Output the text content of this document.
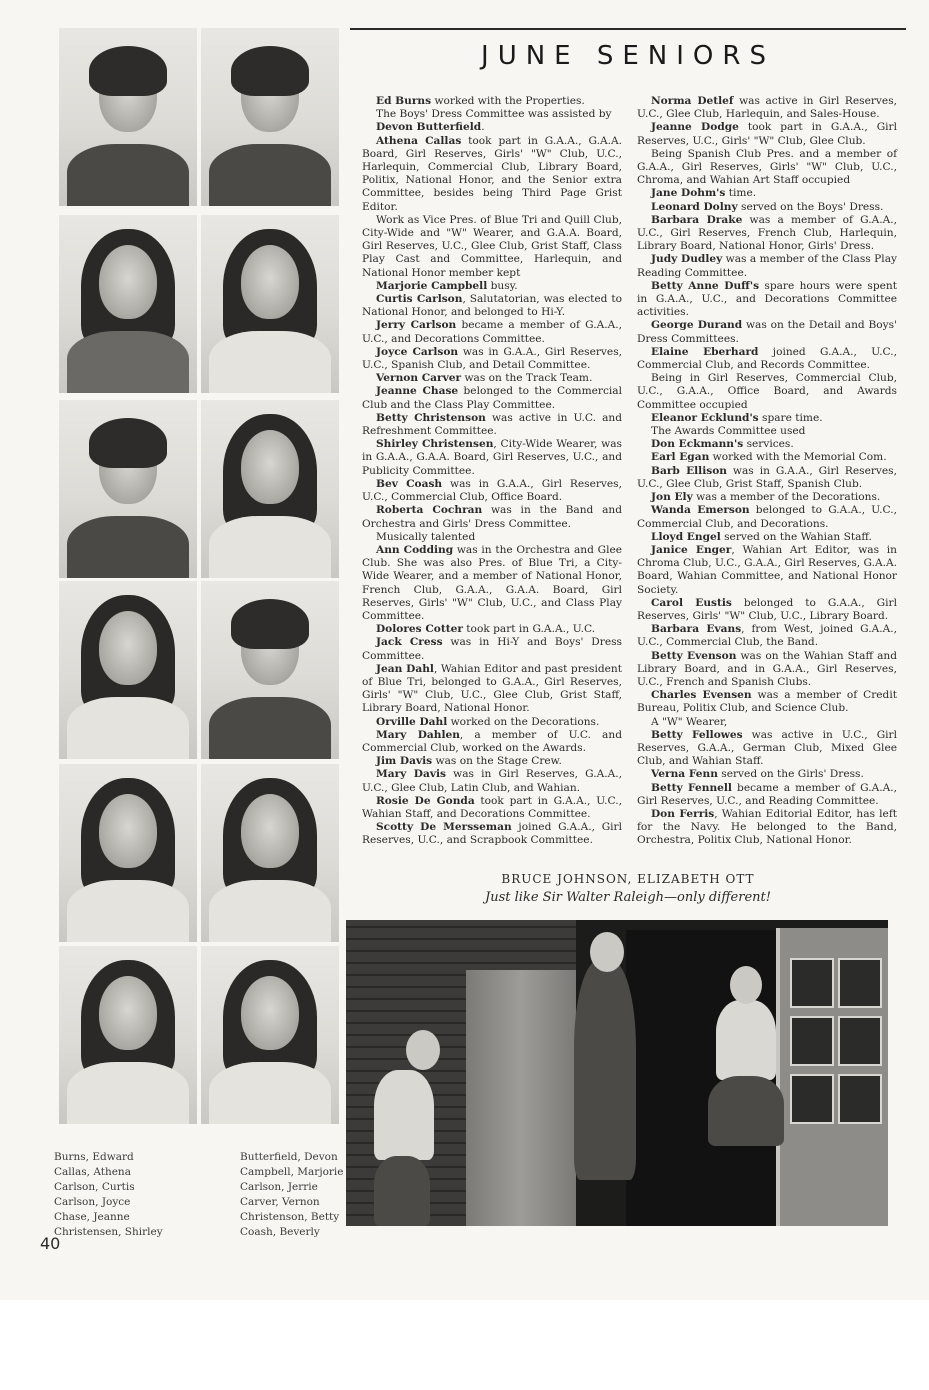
Burns, Edward
Callas, Athena
Carlson, Curtis
Carlson, Joyce
Chase, Jeanne
Christensen, Shirley
Butterfield, Devon
Campbell, Marjorie
Carlson, Jerrie
Carver, Vernon
Christenson, Betty
Coash, Beverly
40
JUNE SENIORS

Ed Burns worked with the Properties.

The Boys' Dress Committee was assisted by

Devon Butterfield.

Athena Callas took part in G.A.A., G.A.A. Board, Girl Reserves, Girls' "W" Club, U.C., Harlequin, Commercial Club, Library Board, Politix, National Honor, and the Senior extra Committee, besides being Third Page Grist Editor.

Work as Vice Pres. of Blue Tri and Quill Club, City-Wide and "W" Wearer, and G.A.A. Board, Girl Reserves, U.C., Glee Club, Grist Staff, Class Play Cast and Committee, Harlequin, and National Honor member kept

Marjorie Campbell busy.

Curtis Carlson, Salutatorian, was elected to National Honor, and belonged to Hi-Y.

Jerry Carlson became a member of G.A.A., U.C., and Decorations Committee.

Joyce Carlson was in G.A.A., Girl Reserves, U.C., Spanish Club, and Detail Committee.

Vernon Carver was on the Track Team.

Jeanne Chase belonged to the Commercial Club and the Class Play Committee.

Betty Christenson was active in U.C. and Refreshment Committee.

Shirley Christensen, City-Wide Wearer, was in G.A.A., G.A.A. Board, Girl Reserves, U.C., and Publicity Committee.

Bev Coash was in G.A.A., Girl Reserves, U.C., Commercial Club, Office Board.

Roberta Cochran was in the Band and Orchestra and Girls' Dress Committee.

Musically talented

Ann Codding was in the Orchestra and Glee Club. She was also Pres. of Blue Tri, a City-Wide Wearer, and a member of National Honor, French Club, G.A.A., G.A.A. Board, Girl Reserves, Girls' "W" Club, U.C., and Class Play Committee.

Dolores Cotter took part in G.A.A., U.C.

Jack Cress was in Hi-Y and Boys' Dress Committee.

Jean Dahl, Wahian Editor and past president of Blue Tri, belonged to G.A.A., Girl Reserves, Girls' "W" Club, U.C., Glee Club, Grist Staff, Library Board, National Honor.

Orville Dahl worked on the Decorations.

Mary Dahlen, a member of U.C. and Commercial Club, worked on the Awards.

Jim Davis was on the Stage Crew.

Mary Davis was in Girl Reserves, G.A.A., U.C., Glee Club, Latin Club, and Wahian.

Rosie De Gonda took part in G.A.A., U.C., Wahian Staff, and Decorations Committee.

Scotty De Mersseman joined G.A.A., Girl Reserves, U.C., and Scrapbook Committee.

Norma Detlef was active in Girl Reserves, U.C., Glee Club, Harlequin, and Sales-House.

Jeanne Dodge took part in G.A.A., Girl Reserves, U.C., Girls' "W" Club, Glee Club.

Being Spanish Club Pres. and a member of G.A.A., Girl Reserves, Girls' "W" Club, U.C., Chroma, and Wahian Art Staff occupied

Jane Dohm's time.

Leonard Dolny served on the Boys' Dress.

Barbara Drake was a member of G.A.A., U.C., Girl Reserves, French Club, Harlequin, Library Board, National Honor, Girls' Dress.

Judy Dudley was a member of the Class Play Reading Committee.

Betty Anne Duff's spare hours were spent in G.A.A., U.C., and Decorations Committee activities.

George Durand was on the Detail and Boys' Dress Committees.

Elaine Eberhard joined G.A.A., U.C., Commercial Club, and Records Committee.

Being in Girl Reserves, Commercial Club, U.C., G.A.A., Office Board, and Awards Committee occupied

Eleanor Ecklund's spare time.

The Awards Committee used

Don Eckmann's services.

Earl Egan worked with the Memorial Com.

Barb Ellison was in G.A.A., Girl Reserves, U.C., Glee Club, Grist Staff, Spanish Club.

Jon Ely was a member of the Decorations.

Wanda Emerson belonged to G.A.A., U.C., Commercial Club, and Decorations.

Lloyd Engel served on the Wahian Staff.

Janice Enger, Wahian Art Editor, was in Chroma Club, U.C., G.A.A., Girl Reserves, G.A.A. Board, Wahian Committee, and National Honor Society.

Carol Eustis belonged to G.A.A., Girl Reserves, Girls' "W" Club, U.C., Library Board.

Barbara Evans, from West, joined G.A.A., U.C., Commercial Club, the Band.

Betty Evenson was on the Wahian Staff and Library Board, and in G.A.A., Girl Reserves, U.C., French and Spanish Clubs.

Charles Evensen was a member of Credit Bureau, Politix Club, and Science Club.

A "W" Wearer,

Betty Fellowes was active in U.C., Girl Reserves, G.A.A., German Club, Mixed Glee Club, and Wahian Staff.

Verna Fenn served on the Girls' Dress.

Betty Fennell became a member of G.A.A., Girl Reserves, U.C., and Reading Committee.

Don Ferris, Wahian Editorial Editor, has left for the Navy. He belonged to the Band, Orchestra, Politix Club, National Honor.

BRUCE JOHNSON, ELIZABETH OTT
Just like Sir Walter Raleigh—only different!
